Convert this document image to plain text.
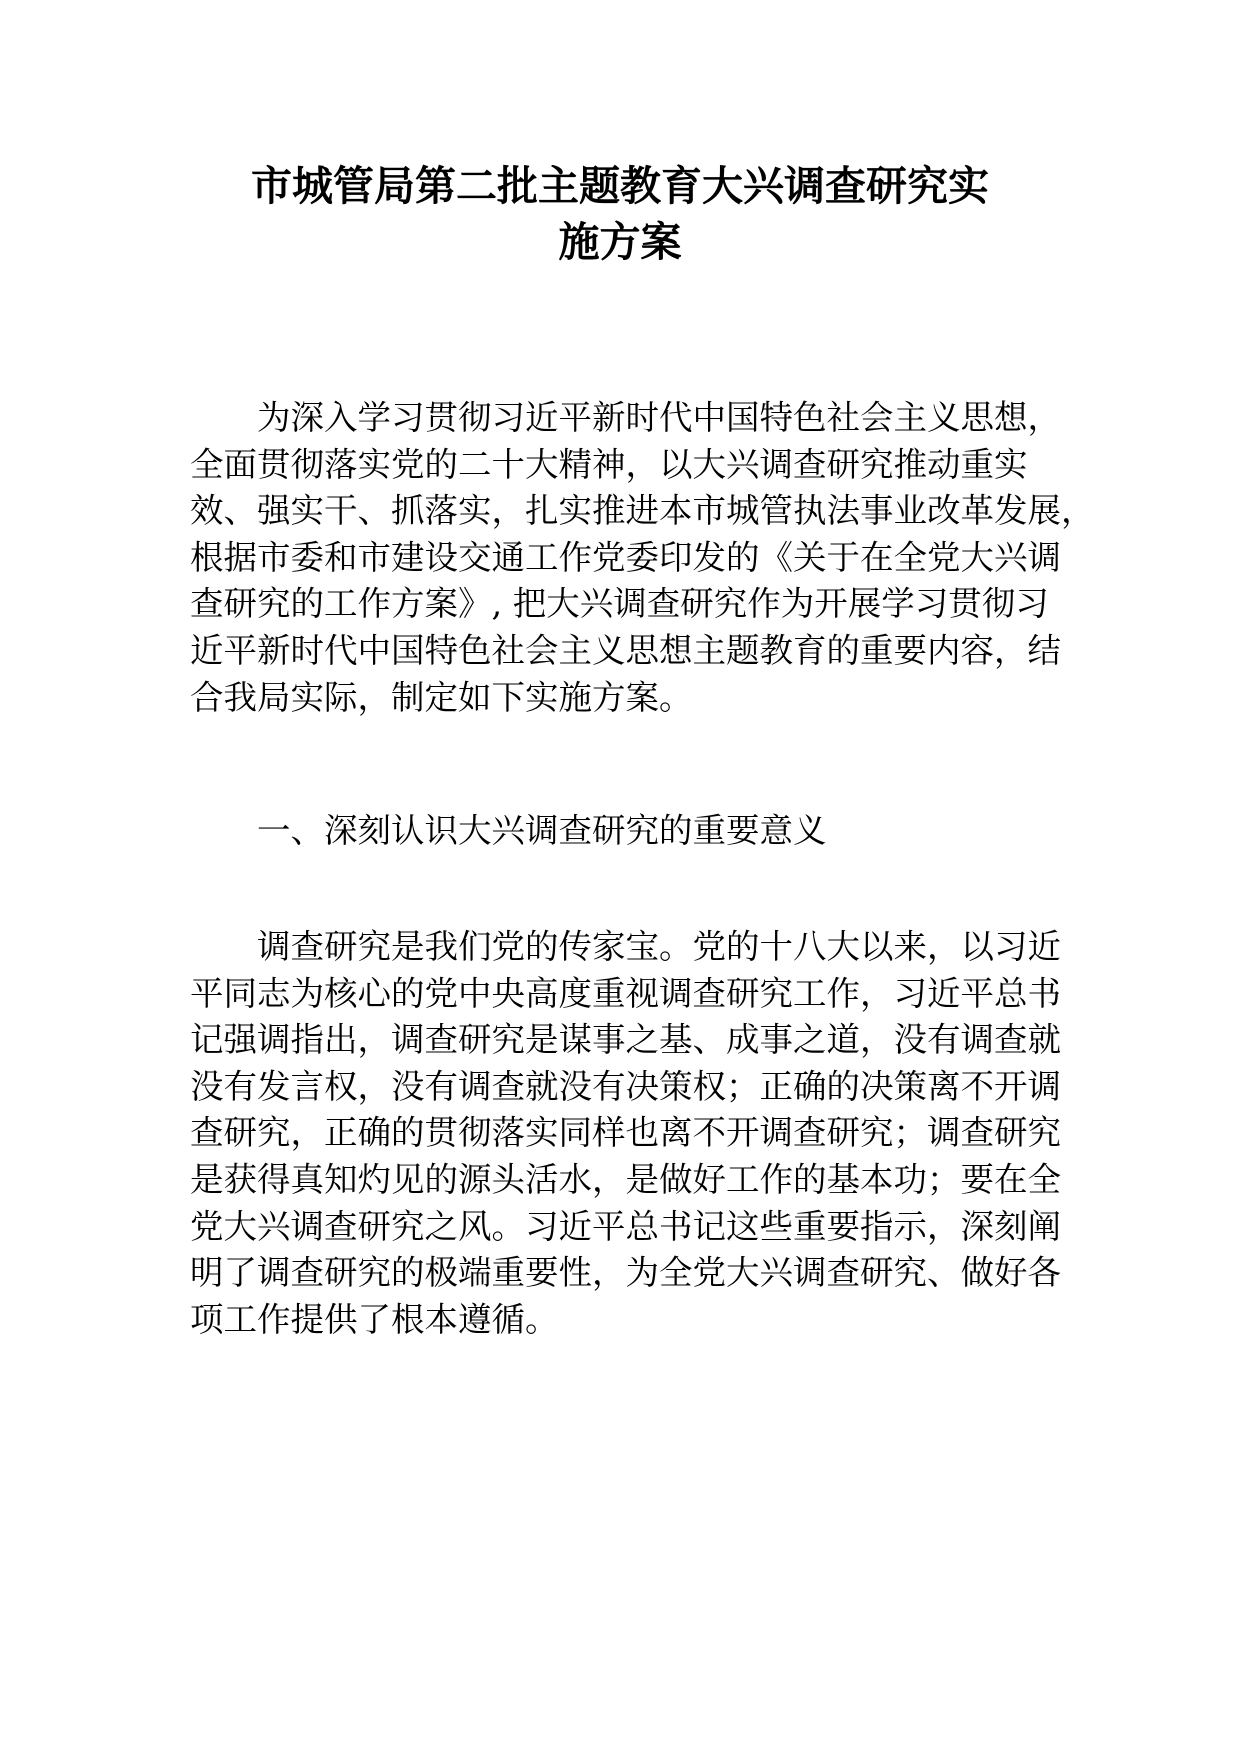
市城管局第二批主题教育大兴调查研究实
施方案
为深入学习贯彻习近平新时代中国特色社会主义思想，
全面贯彻落实党的二十大精神，以大兴调查研究推动重实
效、强实干、抓落实，扎实推进本市城管执法事业改革发展，
根据市委和市建设交通工作党委印发的《关于在全党大兴调
查研究的工作方案》, 把大兴调查研究作为开展学习贯彻习
近平新时代中国特色社会主义思想主题教育的重要内容，结
合我局实际，制定如下实施方案。
一、深刻认识大兴调查研究的重要意义
调查研究是我们党的传家宝。党的十八大以来，以习近
平同志为核心的党中央高度重视调查研究工作，习近平总书
记强调指出，调查研究是谋事之基、成事之道，没有调查就
没有发言权，没有调查就没有决策权；正确的决策离不开调
查研究，正确的贯彻落实同样也离不开调查研究；调查研究
是获得真知灼见的源头活水，是做好工作的基本功；要在全
党大兴调查研究之风。习近平总书记这些重要指示，深刻阐
明了调查研究的极端重要性，为全党大兴调查研究、做好各
项工作提供了根本遵循。
